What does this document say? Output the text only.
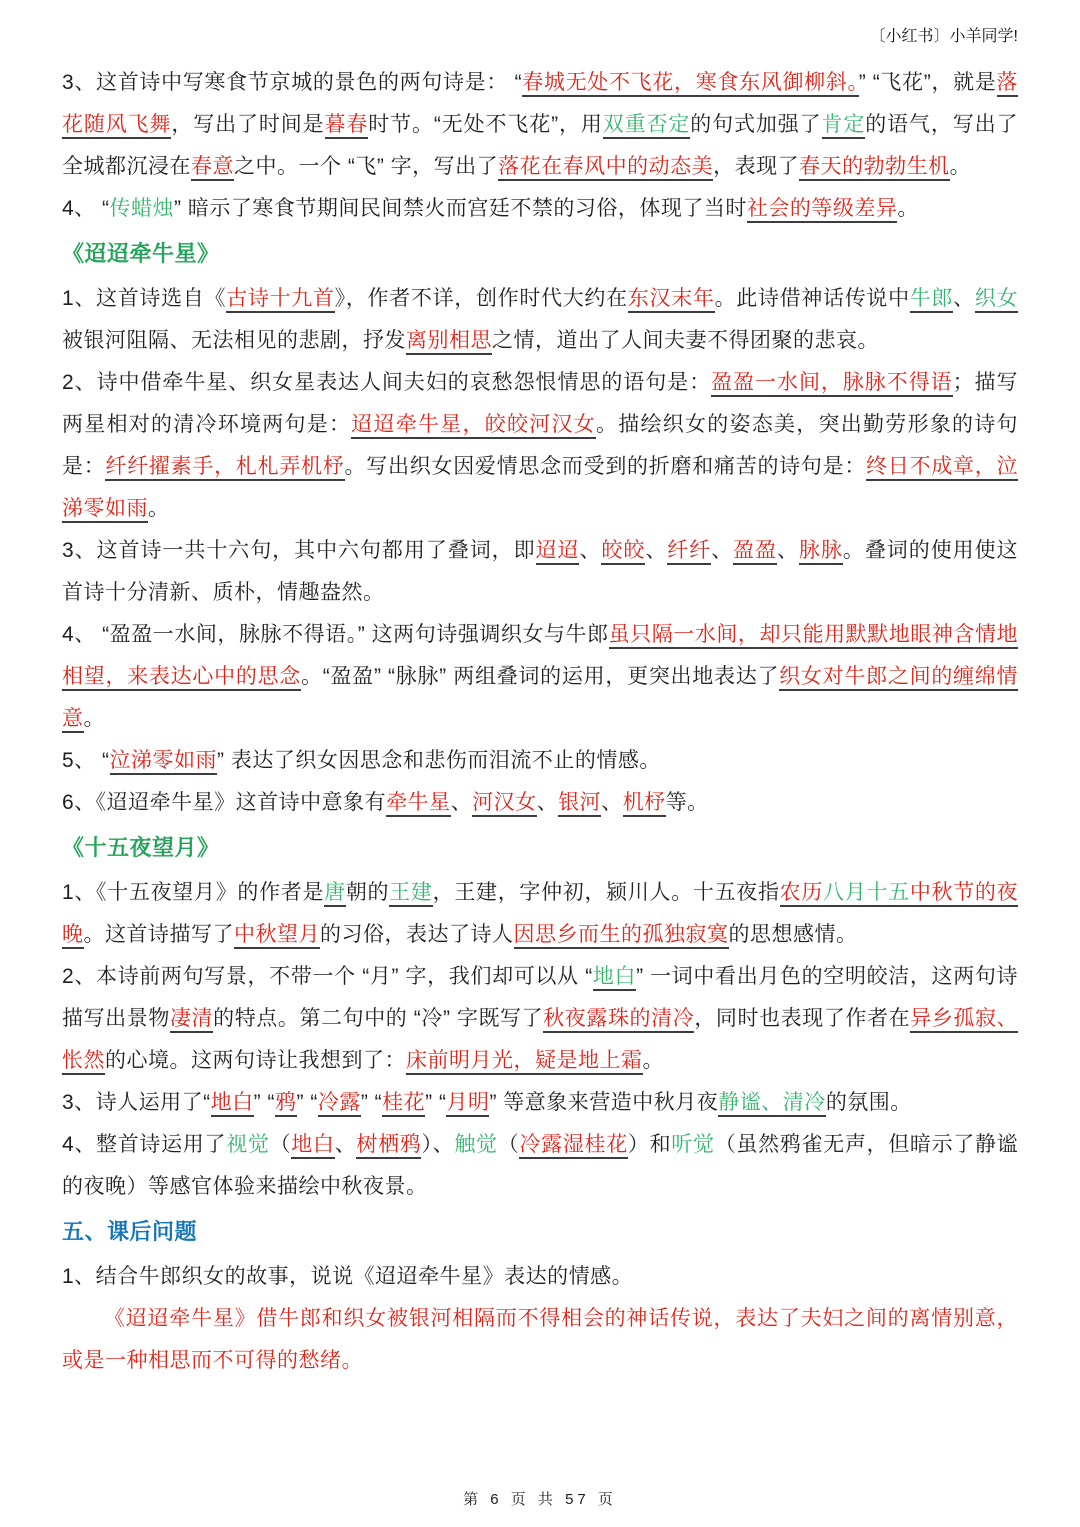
〔小红书〕小羊同学!

3、这首诗中写寒食节京城的景色的两句诗是： “春城无处不飞花，寒食东风御柳斜。” “飞花”，就是落花随风飞舞，写出了时间是暮春时节。“无处不飞花”，用双重否定的句式加强了肯定的语气，写出了全城都沉浸在春意之中。一个 “飞” 字，写出了落花在春风中的动态美，表现了春天的勃勃生机。

4、 “传蜡烛” 暗示了寒食节期间民间禁火而宫廷不禁的习俗，体现了当时社会的等级差异。

《迢迢牵牛星》

1、这首诗选自《古诗十九首》，作者不详，创作时代大约在东汉末年。此诗借神话传说中牛郎、织女被银河阻隔、无法相见的悲剧，抒发离别相思之情，道出了人间夫妻不得团聚的悲哀。

2、诗中借牵牛星、织女星表达人间夫妇的哀愁怨恨情思的语句是：盈盈一水间，脉脉不得语；描写两星相对的清冷环境两句是：迢迢牵牛星，皎皎河汉女。描绘织女的姿态美，突出勤劳形象的诗句是：纤纤擢素手，札札弄机杼。写出织女因爱情思念而受到的折磨和痛苦的诗句是：终日不成章，泣涕零如雨。

3、这首诗一共十六句，其中六句都用了叠词，即迢迢、皎皎、纤纤、盈盈、脉脉。叠词的使用使这首诗十分清新、质朴，情趣盎然。

4、 “盈盈一水间，脉脉不得语。” 这两句诗强调织女与牛郎虽只隔一水间，却只能用默默地眼神含情地相望，来表达心中的思念。“盈盈” “脉脉” 两组叠词的运用，更突出地表达了织女对牛郎之间的缠绵情意。

5、 “泣涕零如雨” 表达了织女因思念和悲伤而泪流不止的情感。

6、《迢迢牵牛星》这首诗中意象有牵牛星、河汉女、银河、机杼等。

《十五夜望月》

1、《十五夜望月》的作者是唐朝的王建，王建，字仲初，颍川人。十五夜指农历八月十五中秋节的夜晚。这首诗描写了中秋望月的习俗，表达了诗人因思乡而生的孤独寂寞的思想感情。

2、本诗前两句写景，不带一个 “月” 字，我们却可以从 “地白” 一词中看出月色的空明皎洁，这两句诗描写出景物凄清的特点。第二句中的 “冷” 字既写了秋夜露珠的清冷，同时也表现了作者在异乡孤寂、怅然的心境。这两句诗让我想到了：床前明月光，疑是地上霜。

3、诗人运用了“地白” “鸦” “冷露” “桂花” “月明” 等意象来营造中秋月夜静谧、清冷的氛围。

4、整首诗运用了视觉（地白、树栖鸦）、触觉（冷露湿桂花）和听觉（虽然鸦雀无声，但暗示了静谧的夜晚）等感官体验来描绘中秋夜景。

五、课后问题

1、结合牛郎织女的故事，说说《迢迢牵牛星》表达的情感。

《迢迢牵牛星》借牛郎和织女被银河相隔而不得相会的神话传说，表达了夫妇之间的离情别意，或是一种相思而不可得的愁绪。

第 6 页 共 57 页
